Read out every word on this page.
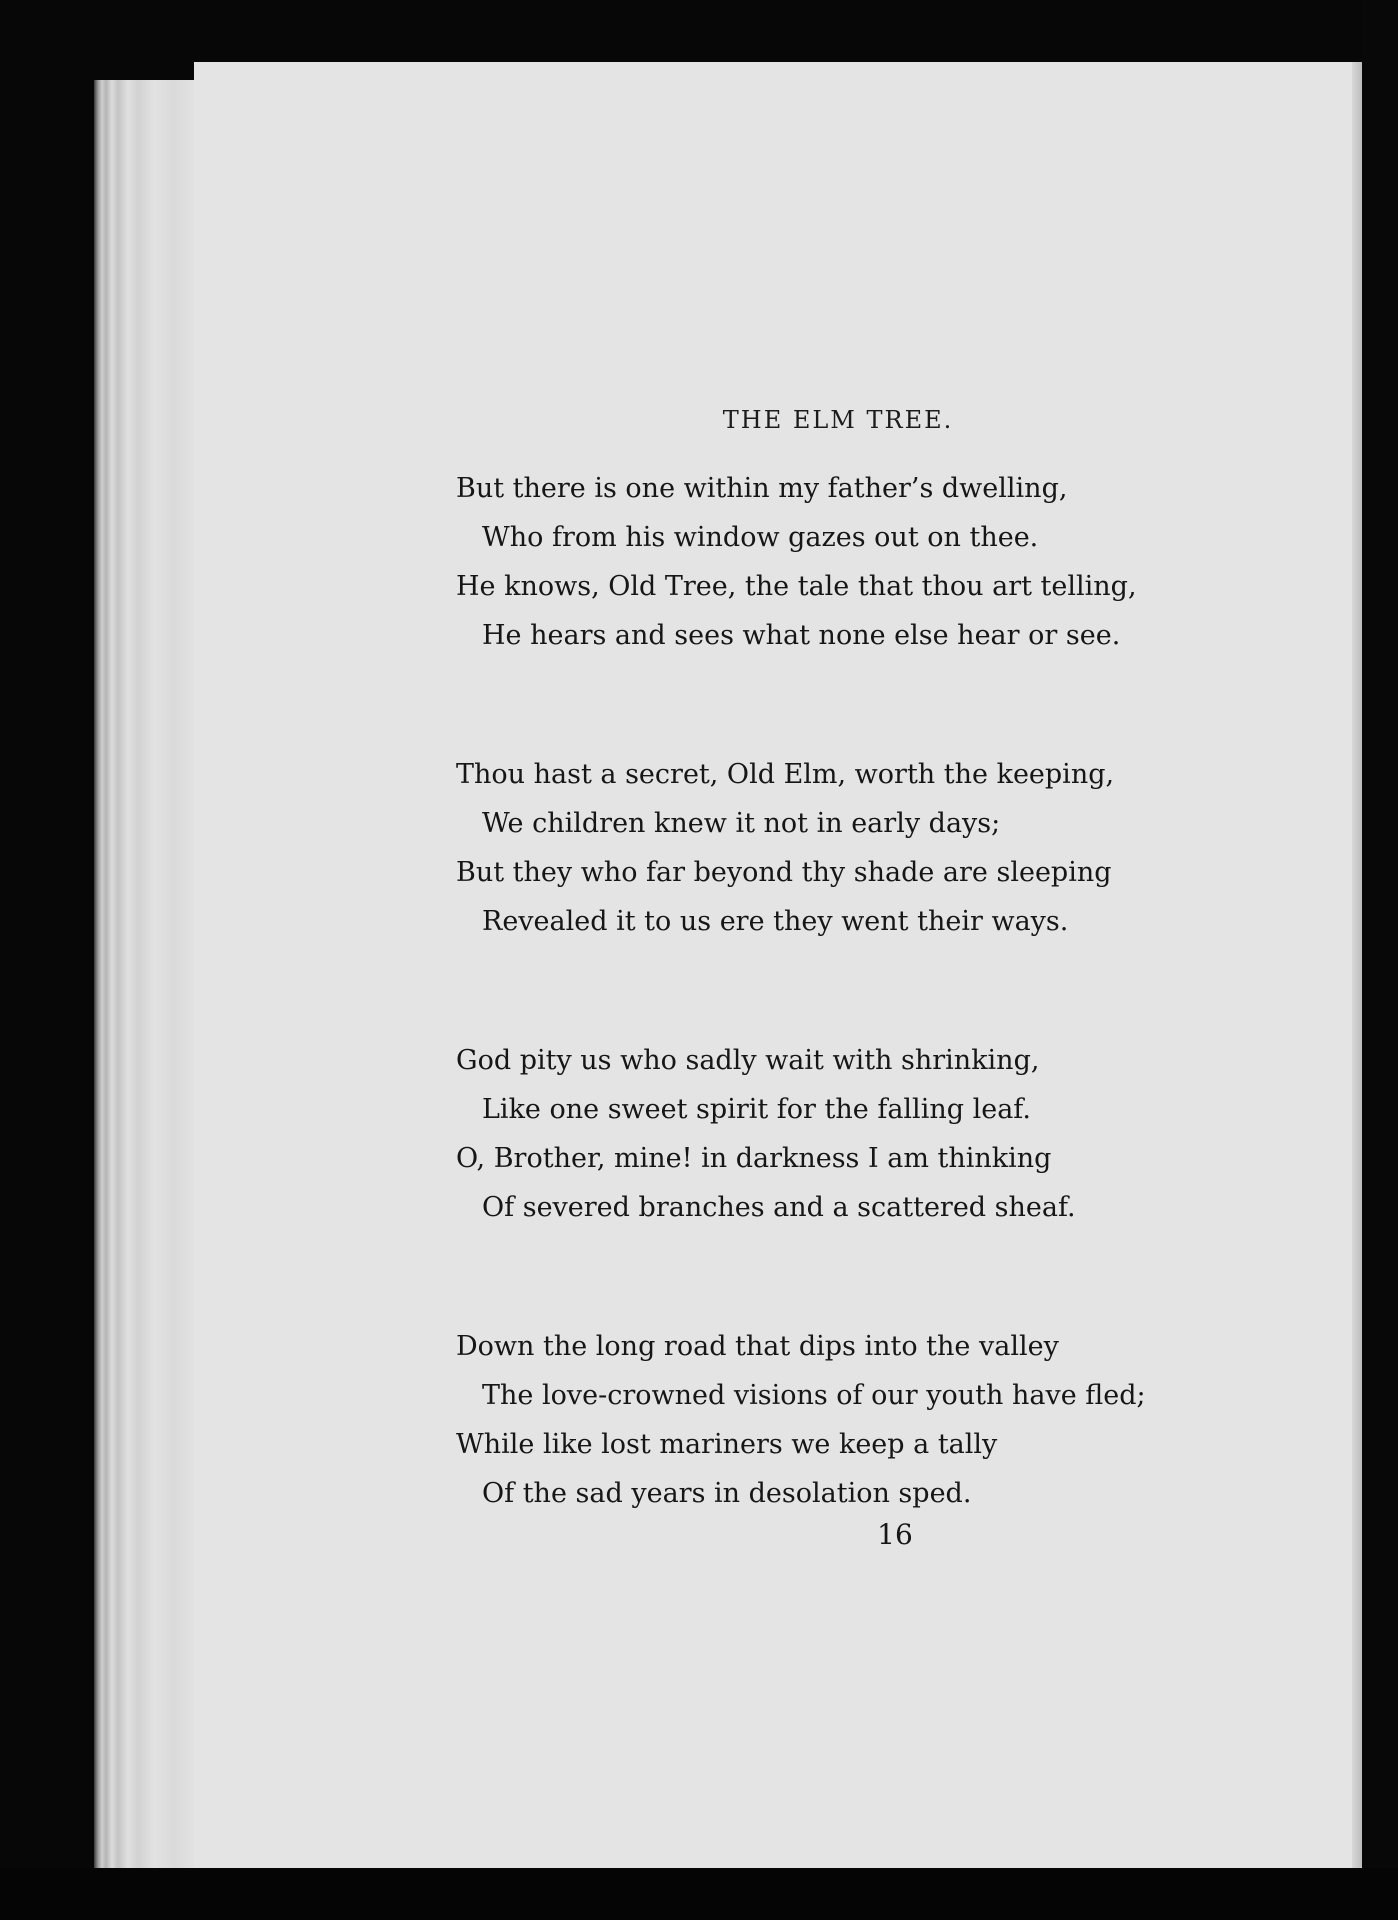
THE ELM TREE.
But there is one within my father’s dwelling,
Who from his window gazes out on thee.
He knows, Old Tree, the tale that thou art telling,
He hears and sees what none else hear or see.
Thou hast a secret, Old Elm, worth the keeping,
We children knew it not in early days;
But they who far beyond thy shade are sleeping
Revealed it to us ere they went their ways.
God pity us who sadly wait with shrinking,
Like one sweet spirit for the falling leaf.
O, Brother, mine! in darkness I am thinking
Of severed branches and a scattered sheaf.
Down the long road that dips into the valley
The love-crowned visions of our youth have fled;
While like lost mariners we keep a tally
Of the sad years in desolation sped.
16
